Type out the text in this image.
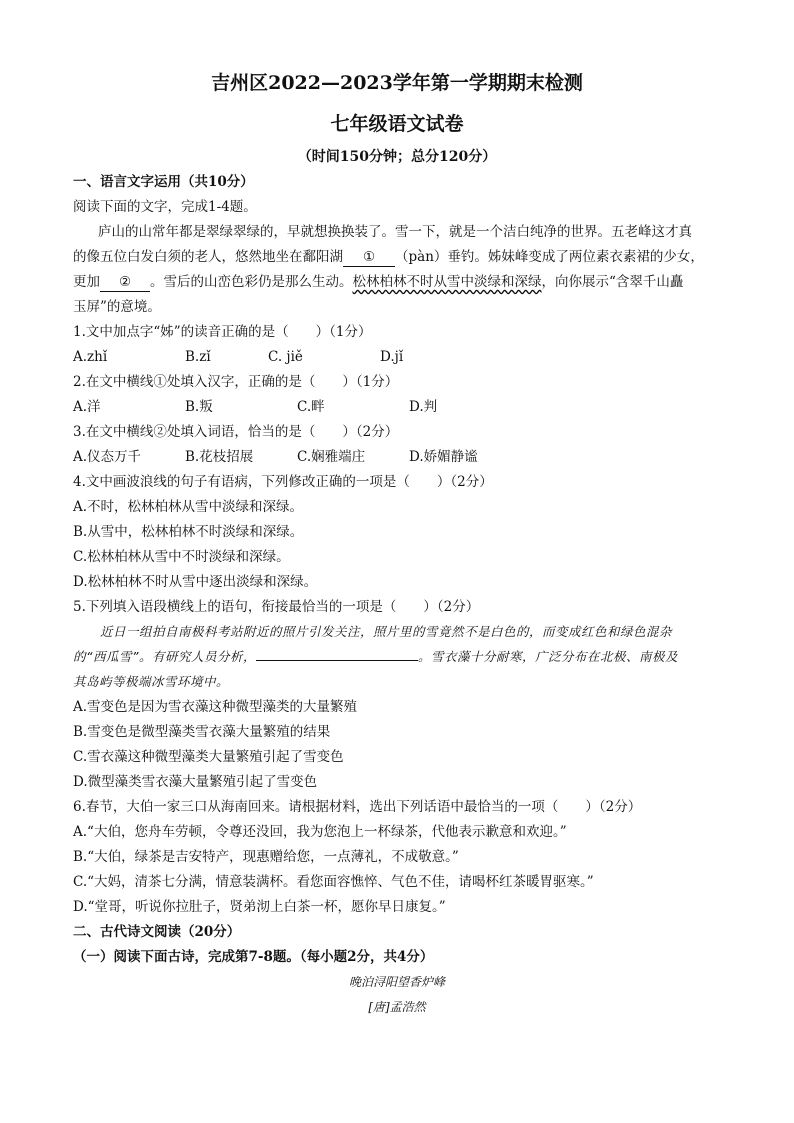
吉州区2022—2023学年第一学期期末检测
七年级语文试卷
（时间150分钟；总分120分）
一、语言文字运用（共10分）
阅读下面的文字，完成1-4题。
庐山的山常年都是翠绿翠绿的，早就想换换装了。雪一下，就是一个洁白纯净的世界。五老峰这才真
的像五位白发白须的老人，悠然地坐在鄱阳湖 ① （pàn）垂钓。姊妹峰变成了两位素衣素裙的少女，
更加 ② 。雪后的山峦色彩仍是那么生动。松林柏林不时从雪中淡绿和深绿，向你展示“含翠千山矗
玉屏”的意境。
1.文中加点字“姊”的读音正确的是（　　）（1分）
A.zhǐ	B.zǐ	C. jiě	D.jǐ
2.在文中横线①处填入汉字，正确的是（　　）（1分）
A.洋	B.叛	C.畔	D.判
3.在文中横线②处填入词语，恰当的是（　　）（2分）
A.仪态万千	B.花枝招展	C.娴雅端庄	D.娇媚静谧
4.文中画波浪线的句子有语病，下列修改正确的一项是（　　）（2分）
A.不时，松林柏林从雪中淡绿和深绿。
B.从雪中，松林柏林不时淡绿和深绿。
C.松林柏林从雪中不时淡绿和深绿。
D.松林柏林不时从雪中逐出淡绿和深绿。
5.下列填入语段横线上的语句，衔接最恰当的一项是（　　）（2分）
近日一组拍自南极科考站附近的照片引发关注，照片里的雪竟然不是白色的，而变成红色和绿色混杂
的“西瓜雪”。有研究人员分析，	。雪衣藻十分耐寒，广泛分布在北极、南极及
其岛屿等极端冰雪环境中。
A.雪变色是因为雪衣藻这种微型藻类的大量繁殖
B.雪变色是微型藻类雪衣藻大量繁殖的结果
C.雪衣藻这种微型藻类大量繁殖引起了雪变色
D.微型藻类雪衣藻大量繁殖引起了雪变色
6.春节，大伯一家三口从海南回来。请根据材料，选出下列话语中最恰当的一项（　　）（2分）
A.“大伯，您舟车劳顿，令尊还没回，我为您泡上一杯绿茶，代他表示歉意和欢迎。”
B.“大伯，绿茶是吉安特产，现惠赠给您，一点薄礼，不成敬意。”
C.“大妈，清茶七分满，情意装满杯。看您面容憔悴、气色不佳，请喝杯红茶暖胃驱寒。”
D.“堂哥，听说你拉肚子，贤弟沏上白茶一杯，愿你早日康复。”
二、古代诗文阅读（20分）
（一）阅读下面古诗，完成第7-8题。（每小题2分，共4分）
晚泊浔阳望香炉峰
[唐]孟浩然
